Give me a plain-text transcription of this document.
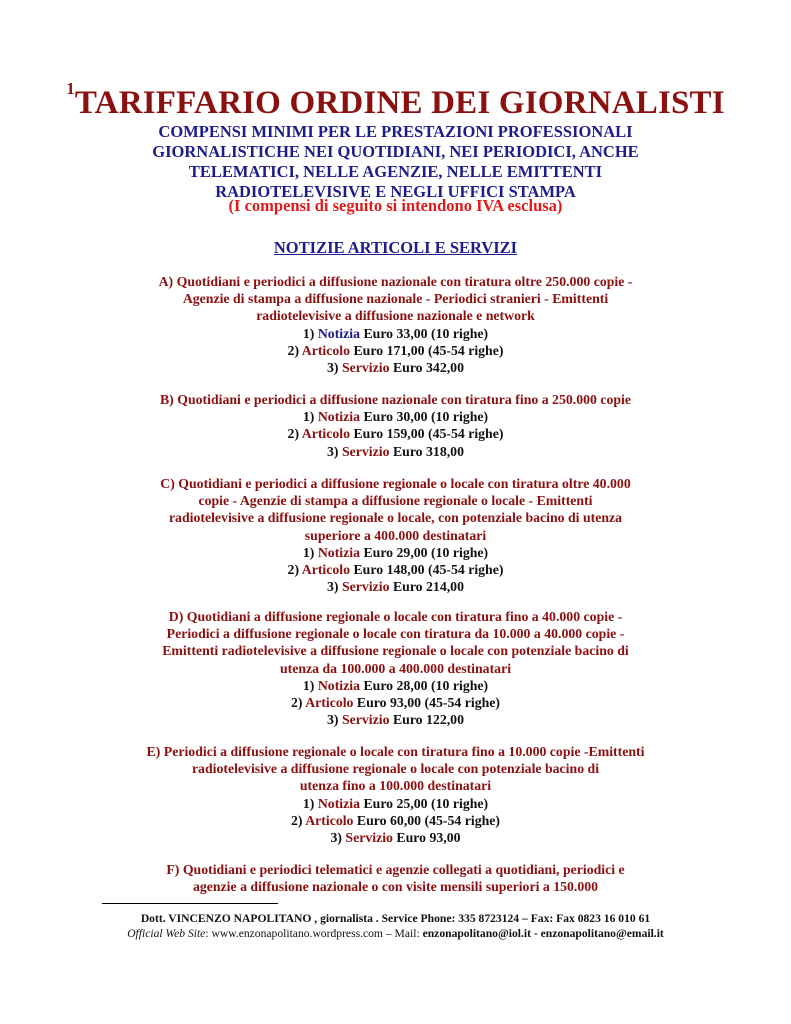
$^1$TARIFFARIO ORDINE DEI GIORNALISTI
COMPENSI MINIMI PER LE PRESTAZIONI PROFESSIONALI
GIORNALISTICHE NEI QUOTIDIANI, NEI PERIODICI, ANCHE
TELEMATICI, NELLE AGENZIE, NELLE EMITTENTI
RADIOTELEVISIVE E NEGLI UFFICI STAMPA
(I compensi di seguito si intendono IVA esclusa)
NOTIZIE ARTICOLI E SERVIZI
A) Quotidiani e periodici a diffusione nazionale con tiratura oltre 250.000 copie -
Agenzie di stampa a diffusione nazionale - Periodici stranieri - Emittenti
radiotelevisive a diffusione nazionale e network
1) Notizia Euro 33,00 (10 righe)
2) Articolo Euro 171,00 (45-54 righe)
3) Servizio Euro 342,00
B) Quotidiani e periodici a diffusione nazionale con tiratura fino a 250.000 copie
1) Notizia Euro 30,00 (10 righe)
2) Articolo Euro 159,00 (45-54 righe)
3) Servizio Euro 318,00
C) Quotidiani e periodici a diffusione regionale o locale con tiratura oltre 40.000
copie - Agenzie di stampa a diffusione regionale o locale - Emittenti
radiotelevisive a diffusione regionale o locale, con potenziale bacino di utenza
superiore a 400.000 destinatari
1) Notizia Euro 29,00 (10 righe)
2) Articolo Euro 148,00 (45-54 righe)
3) Servizio Euro 214,00
D) Quotidiani a diffusione regionale o locale con tiratura fino a 40.000 copie -
Periodici a diffusione regionale o locale con tiratura da 10.000 a 40.000 copie -
Emittenti radiotelevisive a diffusione regionale o locale con potenziale bacino di
utenza da 100.000 a 400.000 destinatari
1) Notizia Euro 28,00 (10 righe)
2) Articolo Euro 93,00 (45-54 righe)
3) Servizio Euro 122,00
E) Periodici a diffusione regionale o locale con tiratura fino a 10.000 copie -Emittenti
radiotelevisive a diffusione regionale o locale con potenziale bacino di
utenza fino a 100.000 destinatari
1) Notizia Euro 25,00 (10 righe)
2) Articolo Euro 60,00 (45-54 righe)
3) Servizio Euro 93,00
F) Quotidiani e periodici telematici e agenzie collegati a quotidiani, periodici e
agenzie a diffusione nazionale o con visite mensili superiori a 150.000
Dott. VINCENZO NAPOLITANO , giornalista . Service Phone: 335 8723124 – Fax: Fax 0823 16 010 61
Official Web Site: www.enzonapolitano.wordpress.com – Mail: enzonapolitano@iol.it - enzonapolitano@email.it
